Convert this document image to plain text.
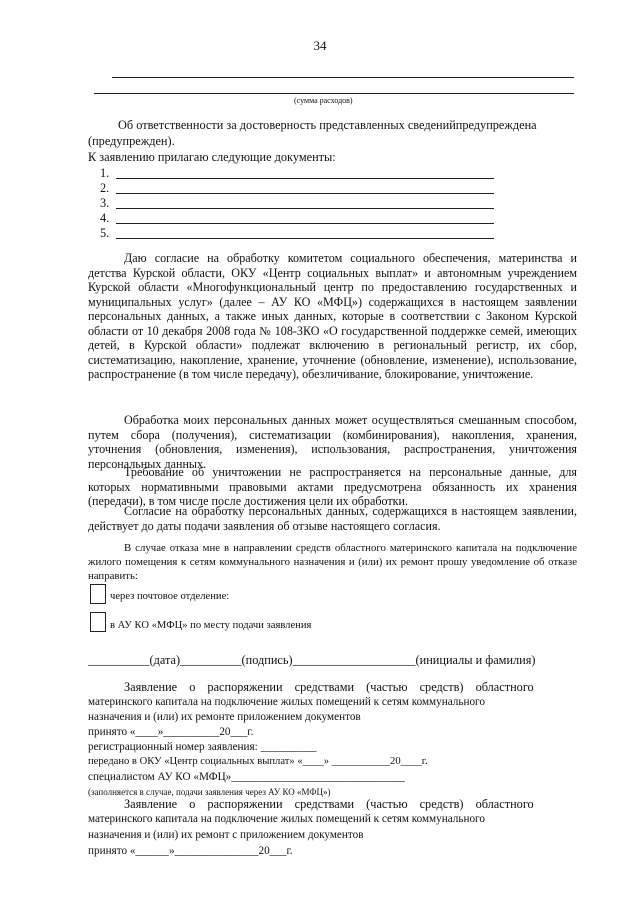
34
(сумма расходов)
Об ответственности за достоверность представленных сведенийпредупреждена
(предупрежден).
К заявлению прилагаю следующие документы:
1.
2.
3.
4.
5.
Даю согласие на обработку комитетом социального обеспечения, материнства и детства Курской области, ОКУ «Центр социальных выплат» и автономным учреждением Курской области «Многофункциональный центр по предоставлению государственных и муниципальных услуг» (далее – АУ КО «МФЦ») содержащихся в настоящем заявлении персональных данных, а также иных данных, которые в соответствии с Законом Курской области от 10 декабря 2008 года № 108-ЗКО «О государственной поддержке семей, имеющих детей, в Курской области» подлежат включению в региональный регистр, их сбор, систематизацию, накопление, хранение, уточнение (обновление, изменение), использование, распространение (в том числе передачу), обезличивание, блокирование, уничтожение.
Обработка моих персональных данных может осуществляться смешанным способом, путем сбора (получения), систематизации (комбинирования), накопления, хранения, уточнения (обновления, изменения), использования, распространения, уничтожения персональных данных.
Требование об уничтожении не распространяется на персональные данные, для которых нормативными правовыми актами предусмотрена обязанность их хранения (передачи), в том числе после достижения цели их обработки.
Согласие на обработку персональных данных, содержащихся в настоящем заявлении, действует до даты подачи заявления об отзыве настоящего согласия.
В случае отказа мне в направлении средств областного материнского капитала на подключение жилого помещения к сетям коммунального назначения и (или) их ремонт прошу уведомление об отказе направить:
через почтовое отделение:
в АУ КО «МФЦ» по месту подачи заявления
__________(дата)__________(подпись)____________________(инициалы и фамилия)
Заявление о распоряжении средствами (частью средств) областного
материнского капитала на подключение жилых помещений к сетям коммунального
назначения и (или) их ремонте приложением документов
принято «____»__________20___г.
регистрационный номер заявления: __________
передано в ОКУ «Центр социальных выплат» «____» ___________20____г.
специалистом АУ КО «МФЦ»_______________________________
(заполняется в случае, подачи заявления через АУ КО «МФЦ»)
Заявление о распоряжении средствами (частью средств) областного
материнского капитала на подключение жилых помещений к сетям коммунального
назначения и (или) их ремонт с приложением документов
принято «______»_______________20___г.
